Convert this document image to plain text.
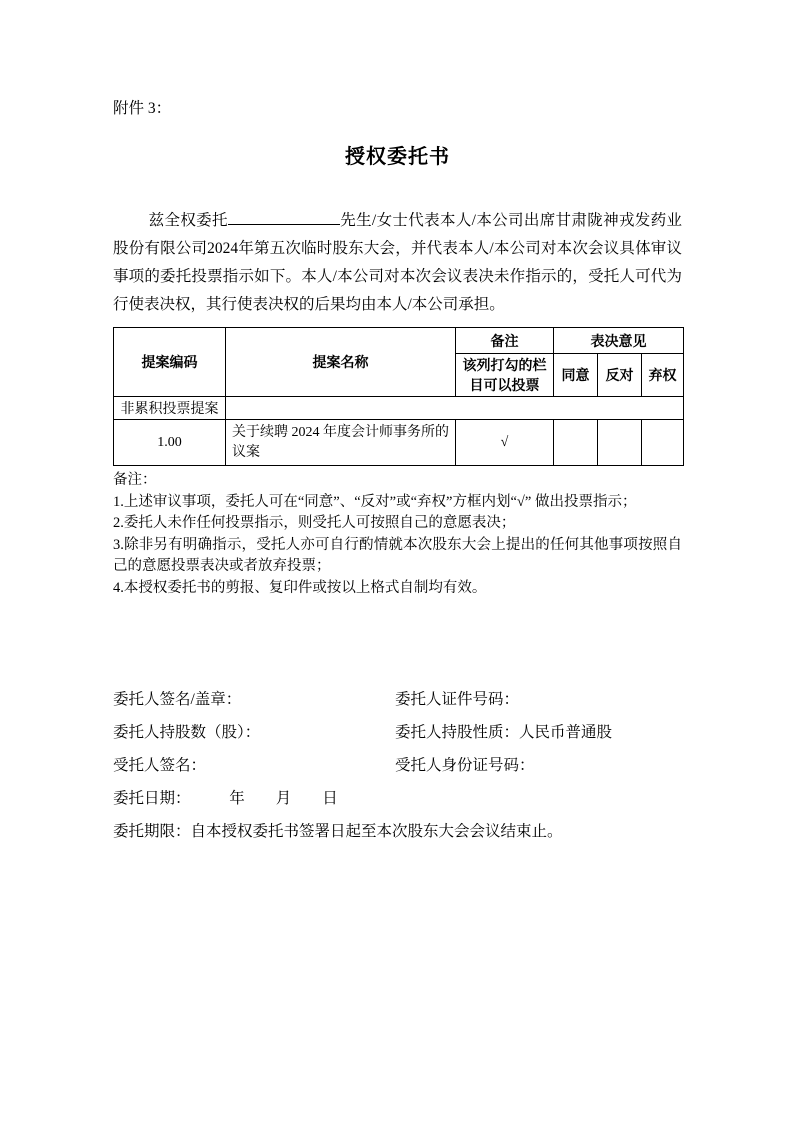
附件 3：
授权委托书

兹全权委托	先生/女士代表本人/本公司出席甘肃陇神戎发药业股份有限公司2024年第五次临时股东大会，并代表本人/本公司对本次会议具体审议事项的委托投票指示如下。本人/本公司对本次会议表决未作指示的，受托人可代为行使表决权，其行使表决权的后果均由本人/本公司承担。

提案编码	提案名称	备注	表决意见		
		该列打勾的栏目可以投票	同意	反对	弃权
非累积投票提案					
1.00	关于续聘 2024 年度会计师事务所的议案	√			

备注：

1.上述审议事项，委托人可在“同意”、“反对”或“弃权”方框内划“√” 做出投票指示；

2.委托人未作任何投票指示，则受托人可按照自己的意愿表决；

3.除非另有明确指示，受托人亦可自行酌情就本次股东大会上提出的任何其他事项按照自己的意愿投票表决或者放弃投票；

4.本授权委托书的剪报、复印件或按以上格式自制均有效。

委托人签名/盖章：	委托人证件号码：
委托人持股数（股）：	委托人持股性质：人民币普通股
受托人签名：	受托人身份证号码：
委托日期：　　　年　　月　　日
委托期限：自本授权委托书签署日起至本次股东大会会议结束止。
